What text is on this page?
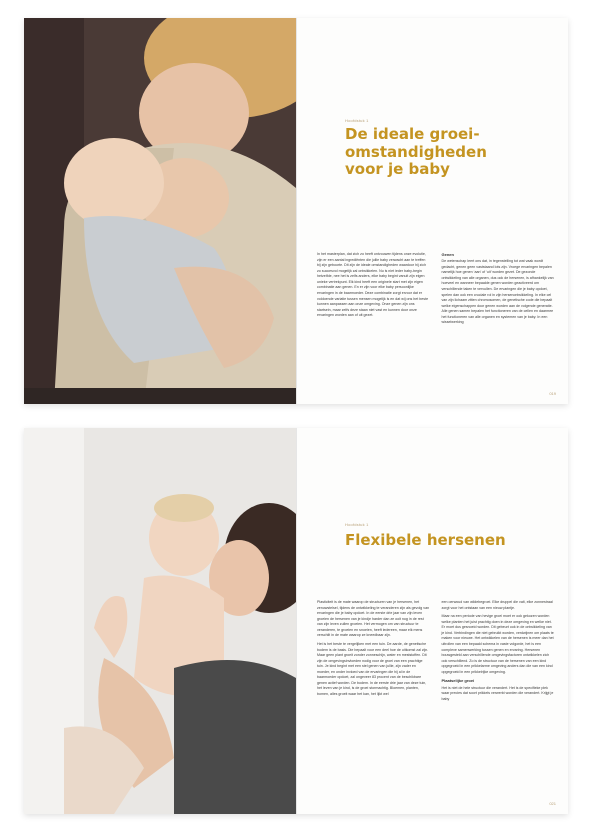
Hoofdstuk 1
De ideale groei-
omstandigheden
voor je baby

In het masterplan, dat zich zo heeft ontvouwen tijdens onze evolutie, zijn er een aantal ingrediënten die jullie baby verwacht aan te treffen bij zijn geboorte. Dit zijn de ideale omstandigheden waardoor hij zich zo succesvol mogelijk zal ontwikkelen. Nu is niet ieder baby-begin hetzelfde, nee het is zelfs anders, elke baby begint vanuit zijn eigen unieke vertrekpunt. Elk kind heeft een originele start met zijn eigen combinatie aan genen. En er zijn voor elke baby persoonlijke ervaringen in de baarmoeder. Deze combinatie zorgt ervoor dat er voldoende variatie tussen mensen mogelijk is en dat wij ons het beste kunnen aanpassen aan onze omgeving. Onze genen zijn ons startsein, maar zelfs deze staan niet vast en kunnen door onze ervaringen worden aan of uit gezet.

Genen

De wetenschap leert ons dat, in tegenstelling tot wat vaak wordt gedacht, genen geen vaststaand lots zijn. Vroege ervaringen bepalen namelijk hoe genen ‘aan’ of ‘uit’ worden gezet. De gezonde ontwikkeling van alle organen, dus ook de hersenen, is afhankelijk van hoeveel en wanneer bepaalde genen worden geactiveerd om verschillende taken te vervullen. De ervaringen die je baby opdoet, spelen dan ook een cruciale rol in zijn hersenontwikkeling. In elke cel van zijn lichaam zitten chromosomen, de genetische code die bepaalt welke eigenschappen door genen worden aan de volgende generatie. Alle genen samen bepalen het functioneren van de cellen en daarmee het functioneren van alle organen en systemen van je baby. In een wisselwerking

019
Hoofdstuk 1
Flexibele hersenen

Plasticiteit is de mate waarop de structuren van je hersenen, het zenuwstelsel, tijdens de ontwikkeling te veranderen zijn als gevolg van ervaringen die je baby opdoet. In de eerste drie jaar van zijn leven groeien de hersenen van je kindje harder dan ze ooit nog in de rest van zijn leven zullen groeien. Het vermogen om van structuur te veranderen, te groeien en snoeien, heeft iedereen, maar elk mens verschilt in de mate waarop ze kneedbaar zijn.

Het is het beste te vergelijken met een tuin. De aarde, de genetische bodem is de basis. Die bepaalt voor een deel hoe de uitkomst zal zijn. Maar geen plant groeit zonder zonneschijn, water en meststoffen. Dit zijn de omgevingsinvloeden nodig voor de groei van een prachtige tuin. Je kind begint met een stel genen van jullie, zijn vader en moeder, en onder invloed van de ervaringen die hij al in de baarmoeder opdoet, zal ongeveer 83 procent van de beschikbare genen actief worden. De bodem. In de eerste drie jaar van deze tuin, het leven van je kind, is de groei stormachtig. Bloemen, planten, bomen, alles groeit waar het kan, het lijkt wel

een oerwoud van wildebegroei. Elke druppel die valt, elke zonnestraal zorgt voor het ontstaan van een nieuw plantje.

Maar na een periode van hevige groei moet er ook gekozen worden welke planten het juist prachtig doen in deze omgeving en welke niet. Er moet dus gesnoeid worden. Dit gebeurt ook in de ontwikkeling van je kind. Verbindingen die niet gebruikt worden, verdwijnen om plaats te maken voor nieuwe. Het ontwikkelen van de hersenen is meer dan het uitrollen van een bepaald schema in vaste volgorde, het is een complexe samenwerking tussen genen en ervaring. Hersenen bouwgesteld aan verschillende omgevingsfactoren ontwikkelen zich ook verschillend. Zo is de structuur van de hersenen van een kind opgegroeid in een prikkelarme omgeving anders dan die van een kind opgegroeid in een prikkelrijke omgeving.

Plaatselijke groei

Het is niet de hele structuur die verandert. Het is de specifieke plek waar precies dat soort prikkels verwerkt worden die verandert. Krijgt je baby

021
